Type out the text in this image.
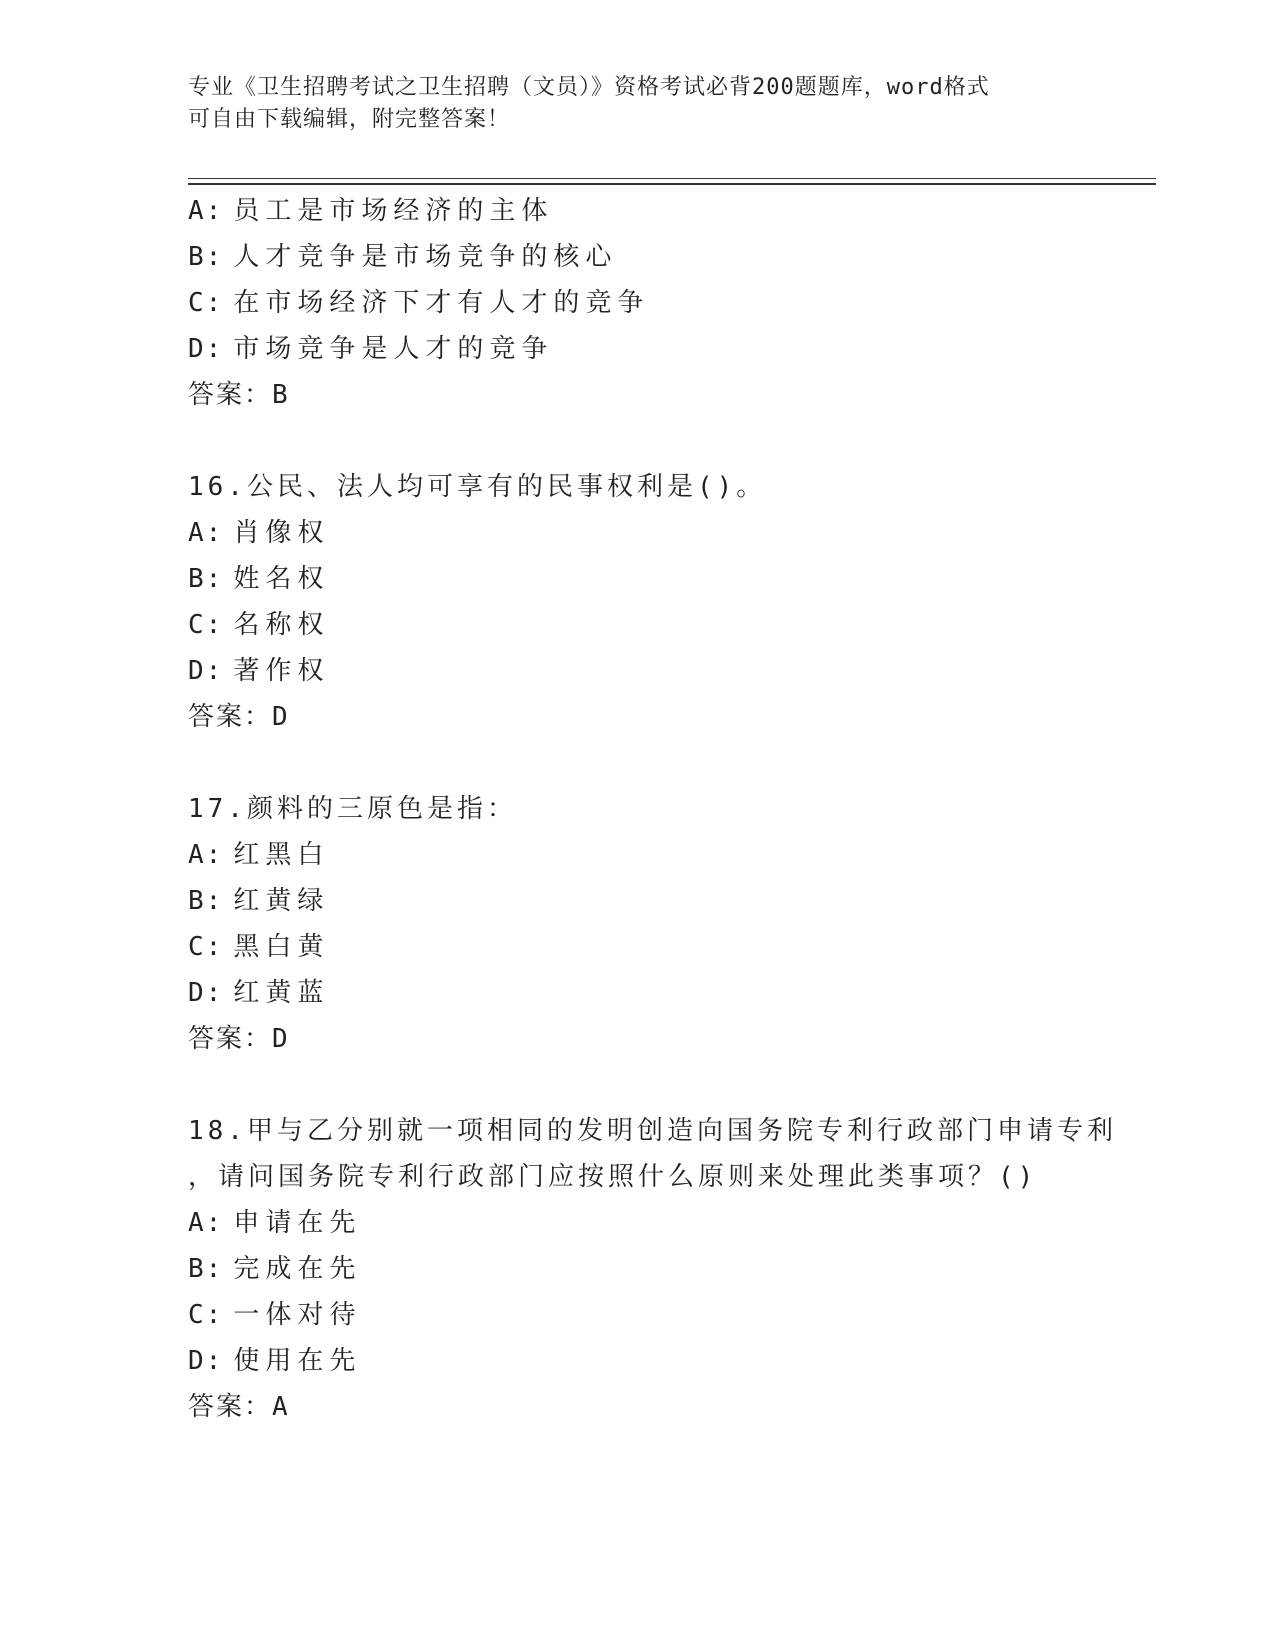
专业《卫生招聘考试之卫生招聘（文员）》资格考试必背200题题库，word格式
可自由下载编辑，附完整答案！
A: 员工是市场经济的主体
B: 人才竞争是市场竞争的核心
C: 在市场经济下才有人才的竞争
D: 市场竞争是人才的竞争
答案：B
16.公民、法人均可享有的民事权利是()。
A: 肖像权
B: 姓名权
C: 名称权
D: 著作权
答案：D
17.颜料的三原色是指：
A: 红黑白
B: 红黄绿
C: 黑白黄
D: 红黄蓝
答案：D
18.甲与乙分别就一项相同的发明创造向国务院专利行政部门申请专利
，请问国务院专利行政部门应按照什么原则来处理此类事项？()
A: 申请在先
B: 完成在先
C: 一体对待
D: 使用在先
答案：A
